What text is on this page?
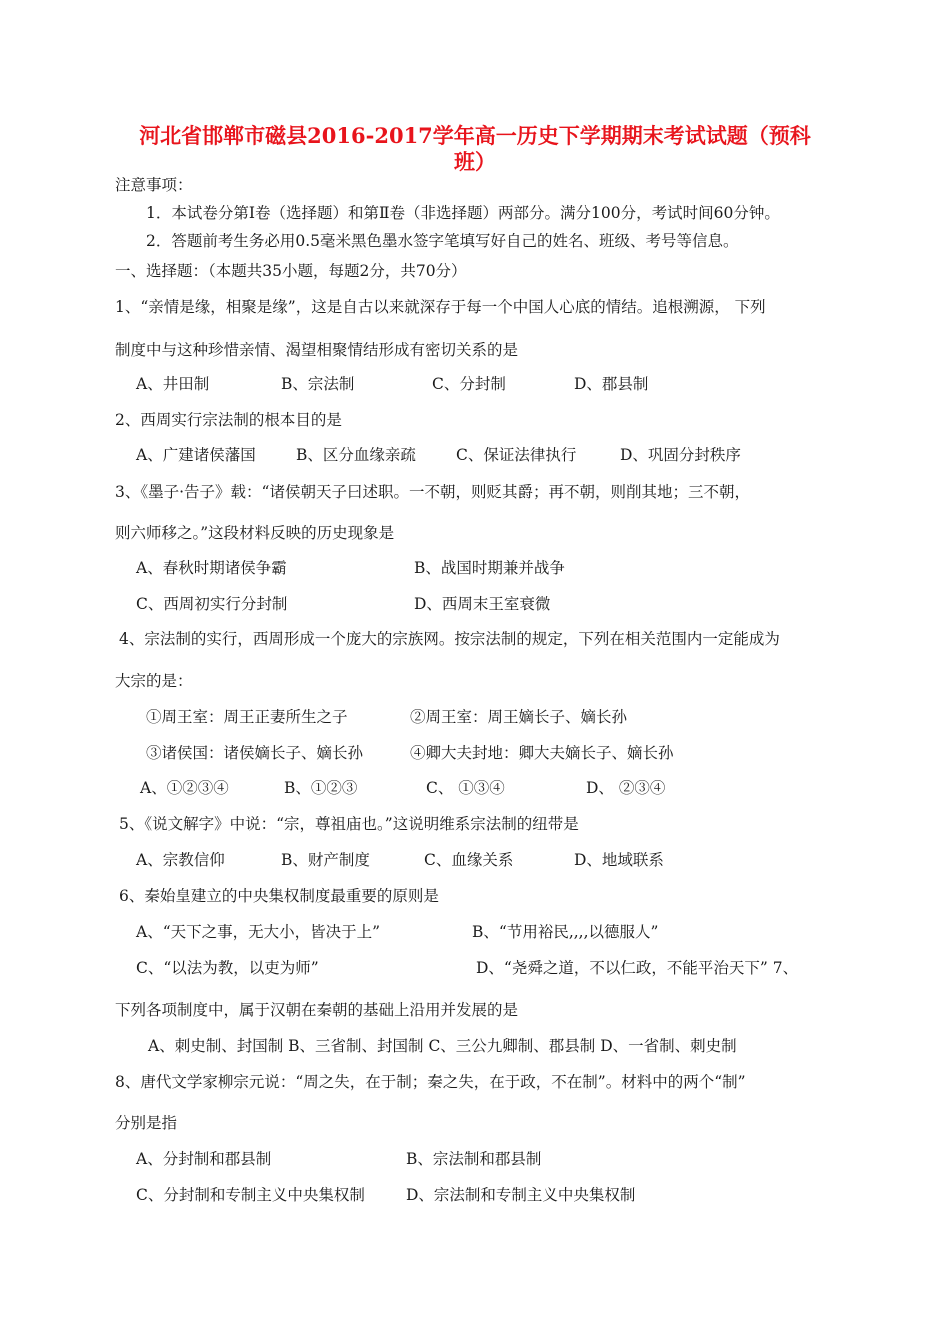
河北省邯郸市磁县2016-2017学年高一历史下学期期末考试试题（预科
班）
注意事项：
1．本试卷分第Ⅰ卷（选择题）和第Ⅱ卷（非选择题）两部分。满分100分，考试时间60分钟。
2．答题前考生务必用0.5毫米黑色墨水签字笔填写好自己的姓名、班级、考号等信息。
一、选择题：（本题共35小题，每题2分，共70分）
1、“亲情是缘，相聚是缘”，这是自古以来就深存于每一个中国人心底的情结。追根溯源， 下列
制度中与这种珍惜亲情、渴望相聚情结形成有密切关系的是
A、井田制	B、宗法制	C、分封制	D、郡县制
2、西周实行宗法制的根本目的是
A、广建诸侯藩国	B、区分血缘亲疏	C、保证法律执行	D、巩固分封秩序
3、《墨子·告子》载：“诸侯朝天子曰述职。一不朝，则贬其爵；再不朝，则削其地；三不朝，
则六师移之。”这段材料反映的历史现象是
A、春秋时期诸侯争霸	B、战国时期兼并战争
C、西周初实行分封制	D、西周末王室衰微
4、宗法制的实行，西周形成一个庞大的宗族网。按宗法制的规定，下列在相关范围内一定能成为
大宗的是：
①周王室：周王正妻所生之子	②周王室：周王嫡长子、嫡长孙
③诸侯国：诸侯嫡长子、嫡长孙	④卿大夫封地：卿大夫嫡长子、嫡长孙
A、①②③④	B、①②③	C、 ①③④	D、 ②③④
5、《说文解字》中说：“宗，尊祖庙也。”这说明维系宗法制的纽带是
A、宗教信仰	B、财产制度	C、血缘关系	D、地域联系
6、秦始皇建立的中央集权制度最重要的原则是
A、“天下之事，无大小，皆决于上”	B、“节用裕民,,,,以德服人”
C、“以法为教，以吏为师”	D、“尧舜之道，不以仁政，不能平治天下” 7、
下列各项制度中，属于汉朝在秦朝的基础上沿用并发展的是
A、刺史制、封国制 B、三省制、封国制 C、三公九卿制、郡县制 D、一省制、刺史制
8、唐代文学家柳宗元说：“周之失，在于制；秦之失，在于政，不在制”。材料中的两个“制”
分别是指
A、分封制和郡县制	B、宗法制和郡县制
C、分封制和专制主义中央集权制	D、宗法制和专制主义中央集权制
